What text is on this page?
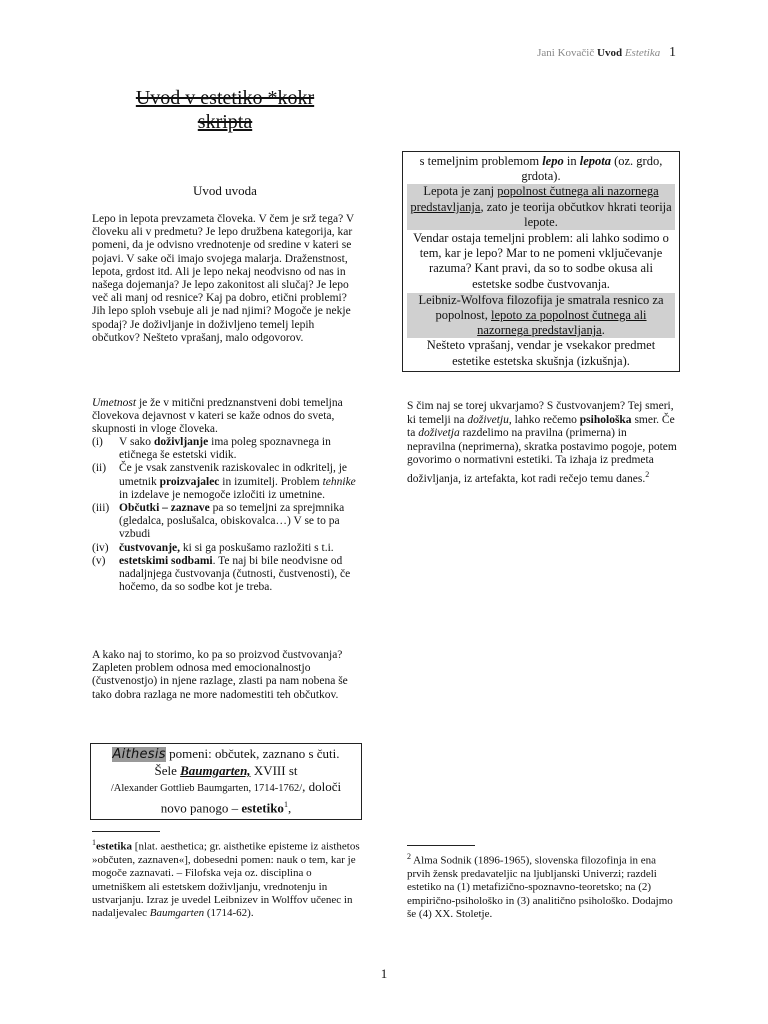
Jani Kovačič Uvod Estetika 1
Uvod v estetiko *kokr
skripta
Uvod uvoda
Lepo in lepota prevzameta človeka. V čem je srž tega? V človeku ali v predmetu? Je lepo družbena kategorija, kar pomeni, da je odvisno vrednotenje od sredine v kateri se pojavi. V sake oči imajo svojega malarja. Draženstnost, lepota, grdost itd. Ali je lepo nekaj neodvisno od nas in našega dojemanja? Je lepo zakonitost ali slučaj? Je lepo več ali manj od resnice? Kaj pa dobro, etični problemi? Jih lepo sploh vsebuje ali je nad njimi? Mogoče je nekje spodaj? Je doživljanje in doživljeno temelj lepih občutkov? Nešteto vprašanj, malo odgovorov.
Umetnost je že v mitični predznanstveni dobi temeljna človekova dejavnost v kateri se kaže odnos do sveta, skupnosti in vloge človeka.
(i)	V sako doživljanje ima poleg spoznavnega in etičnega še estetski vidik.
(ii)	Če je vsak zanstvenik raziskovalec in odkritelj, je umetnik proizvajalec in izumitelj. Problem tehnike in izdelave je nemogoče izločiti iz umetnine.
(iii) Občutki – zaznave pa so temeljni za sprejmnika (gledalca, poslušalca, obiskovalca…) V se to pa vzbudi
(iv) čustvovanje, ki si ga poskušamo razložiti s t.i.
(v)	estetskimi sodbami. Te naj bi bile neodvisne od nadaljnjega čustvovanja (čutnosti, čustvenosti), če hočemo, da so sodbe kot je treba.
A kako naj to storimo, ko pa so proizvod čustvovanja? Zapleten problem odnosa med emocionalnostjo (čustvenostjo) in njene razlage, zlasti pa nam nobena še tako dobra razlaga ne more nadomestiti teh občutkov.
Aithesis pomeni: občutek, zaznano s čuti.
Šele Baumgarten, XVIII st
/Alexander Gottlieb Baumgarten, 1714-1762/, določi
novo panogo – estetiko$^1$,
$^1$estetika [nlat. aesthetica; gr. aisthetike episteme iz aisthetos »občuten, zaznaven«], dobesedni pomen: nauk o tem, kar je mogoče zaznavati. – Filofska veja oz. disciplina o umetniškem ali estetskem doživljanju, vrednotenju in ustvarjanju. Izraz je uvedel Leibnizev in Wolffov učenec in nadaljevalec Baumgarten (1714-62).
s temeljnim problemom lepo in lepota (oz. grdo, grdota).
Lepota je zanj popolnost čutnega ali nazornega predstavljanja, zato je teorija občutkov hkrati teorija lepote.
Vendar ostaja temeljni problem: ali lahko sodimo o tem, kar je lepo? Mar to ne pomeni vključevanje razuma? Kant pravi, da so to sodbe okusa ali estetske sodbe čustvovanja.
Leibniz-Wolfova filozofija je smatrala resnico za popolnost, lepoto za popolnost čutnega ali nazornega predstavljanja.
Nešteto vprašanj, vendar je vsekakor predmet estetike estetska skušnja (izkušnja).
S čim naj se torej ukvarjamo? S čustvovanjem? Tej smeri, ki temelji na doživetju, lahko rečemo psihološka smer. Če ta doživetja razdelimo na pravilna (primerna) in nepravilna (neprimerna), skratka postavimo pogoje, potem govorimo o normativni estetiki. Ta izhaja iz predmeta doživljanja, iz artefakta, kot radi rečejo temu danes.$^2$
$^2$ Alma Sodnik (1896-1965), slovenska filozofinja in ena prvih žensk predavateljic na ljubljanski Univerzi; razdeli estetiko na (1) metafizično-spoznavno-teoretsko; na (2) empirično-psihološko in (3) analitično psihološko. Dodajmo še (4) XX. Stoletje.
1
